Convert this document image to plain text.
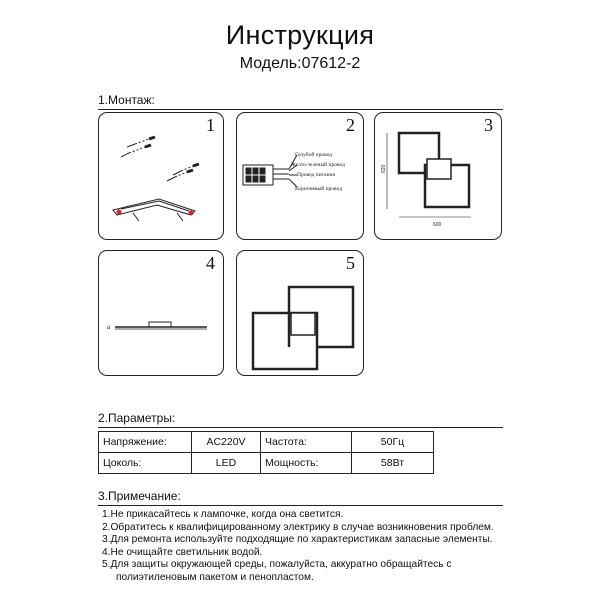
Инструкция
Модель:07612-2
1.Монтаж:
1	2
Голубой провод
Желто-зеленый провод
Провод питания
Коричневый провод
3
620
600
4
a
5
2.Параметры:
Напряжение:	AC220V	Частота:	50Гц
Цоколь:	LED	Мощность:	58Вт
3.Примечание:
1.Не прикасайтесь к лампочке, когда она светится.
2.Обратитесь к квалифицированному электрику в случае возникновения проблем.
3.Для ремонта используйте подходящие по характеристикам запасные элементы.
4.Не очищайте светильник водой.
5.Для защиты окружающей среды, пожалуйста, аккуратно обращайтесь с
полиэтиленовым пакетом и пенопластом.
